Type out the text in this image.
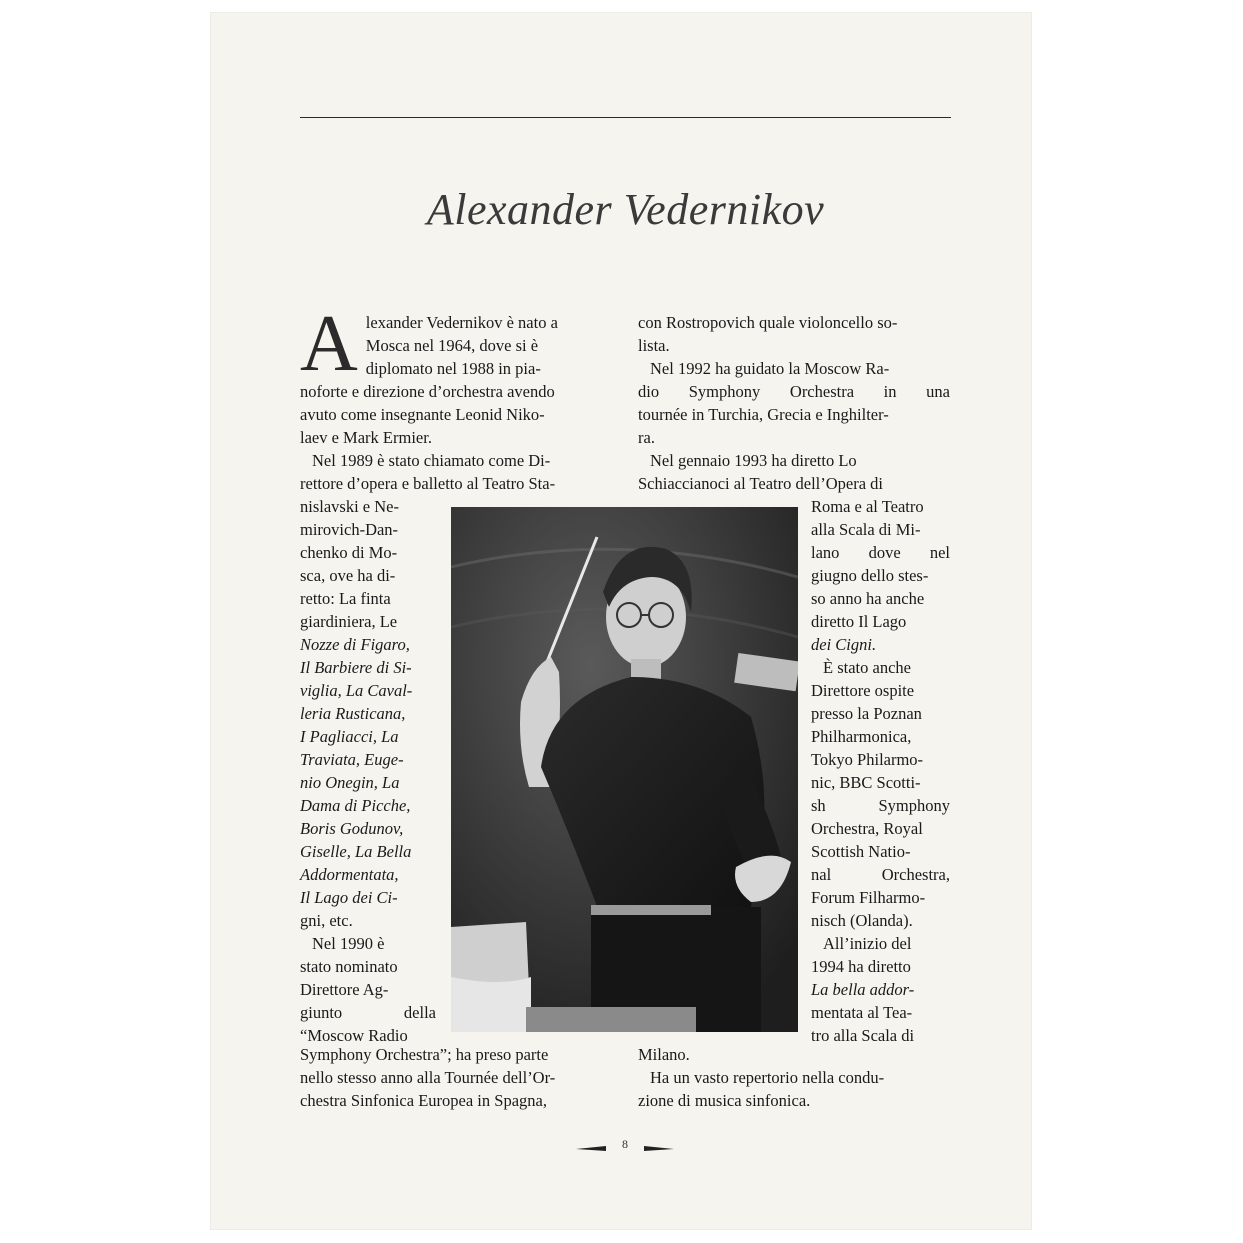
Alexander Vedernikov
A lexander Vedernikov è nato a

Mosca nel 1964, dove si è

diplomato nel 1988 in pia-

noforte e direzione d’orchestra avendo

avuto come insegnante Leonid Niko-

laev e Mark Ermier.

Nel 1989 è stato chiamato come Di-

rettore d’opera e balletto al Teatro Sta-

nislavski e Ne-

mirovich-Dan-

chenko di Mo-

sca, ove ha di-

retto: La finta

giardiniera, Le

Nozze di Figaro,

Il Barbiere di Si-

viglia, La Caval-

leria Rusticana,

I Pagliacci, La

Traviata, Euge-

nio Onegin, La

Dama di Picche,

Boris Godunov,

Giselle, La Bella

Addormentata,

Il Lago dei Ci-

gni, etc.

Nel 1990 è

stato nominato

Direttore Ag-

giunto della

“Moscow Radio

Symphony Orchestra”; ha preso parte

nello stesso anno alla Tournée dell’Or-

chestra Sinfonica Europea in Spagna,

con Rostropovich quale violoncello so-

lista.

Nel 1992 ha guidato la Moscow Ra-

dio Symphony Orchestra in una

tournée in Turchia, Grecia e Inghilter-

ra.

Nel gennaio 1993 ha diretto Lo

Schiaccianoci al Teatro dell’Opera di

Roma e al Teatro

alla Scala di Mi-

lano dove nel

giugno dello stes-

so anno ha anche

diretto Il Lago

dei Cigni.

È stato anche

Direttore ospite

presso la Poznan

Philharmonica,

Tokyo Philarmo-

nic, BBC Scotti-

sh Symphony

Orchestra, Royal

Scottish Natio-

nal Orchestra,

Forum Filharmo-

nisch (Olanda).

All’inizio del

1994 ha diretto

La bella addor-

mentata al Tea-

tro alla Scala di

Milano.

Ha un vasto repertorio nella condu-

zione di musica sinfonica.

8
